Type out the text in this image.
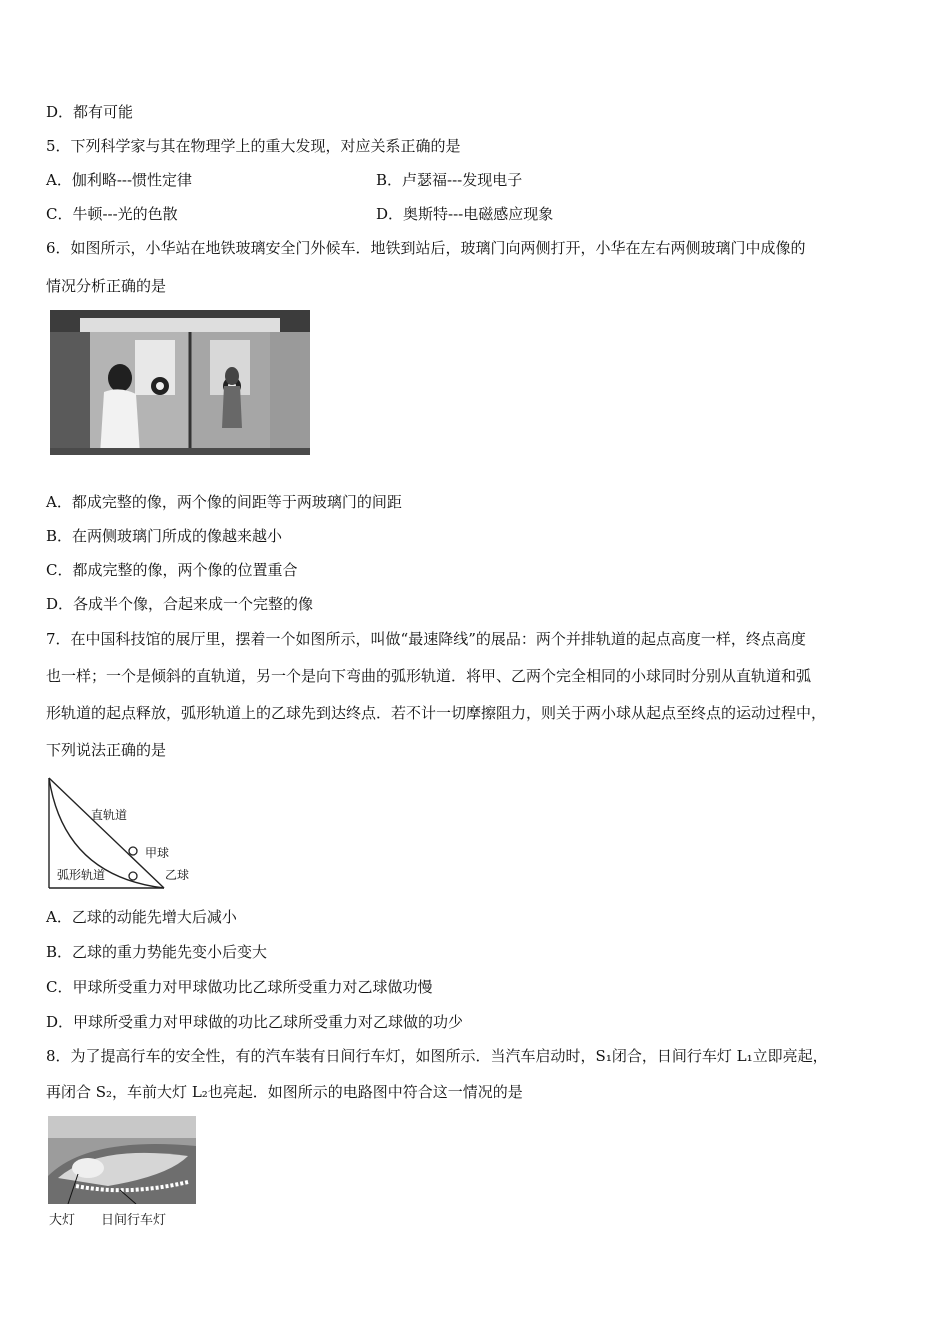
D．都有可能
5．下列科学家与其在物理学上的重大发现，对应关系正确的是
A．伽利略---惯性定律	B．卢瑟福---发现电子
C．牛顿---光的色散	D．奥斯特---电磁感应现象
6．如图所示，小华站在地铁玻璃安全门外候车．地铁到站后，玻璃门向两侧打开，小华在左右两侧玻璃门中成像的
情况分析正确的是
A．都成完整的像，两个像的间距等于两玻璃门的间距
B．在两侧玻璃门所成的像越来越小
C．都成完整的像，两个像的位置重合
D．各成半个像，合起来成一个完整的像
7．在中国科技馆的展厅里，摆着一个如图所示，叫做“最速降线”的展品：两个并排轨道的起点高度一样，终点高度
也一样；一个是倾斜的直轨道，另一个是向下弯曲的弧形轨道．将甲、乙两个完全相同的小球同时分别从直轨道和弧
形轨道的起点释放，弧形轨道上的乙球先到达终点．若不计一切摩擦阻力，则关于两小球从起点至终点的运动过程中，
下列说法正确的是
直轨道
甲球
弧形轨道	乙球
A．乙球的动能先增大后减小
B．乙球的重力势能先变小后变大
C．甲球所受重力对甲球做功比乙球所受重力对乙球做功慢
D．甲球所受重力对甲球做的功比乙球所受重力对乙球做的功少
8．为了提高行车的安全性，有的汽车装有日间行车灯，如图所示．当汽车启动时，S₁闭合，日间行车灯 L₁立即亮起，
再闭合 S₂，车前大灯 L₂也亮起．如图所示的电路图中符合这一情况的是
大灯 日间行车灯
